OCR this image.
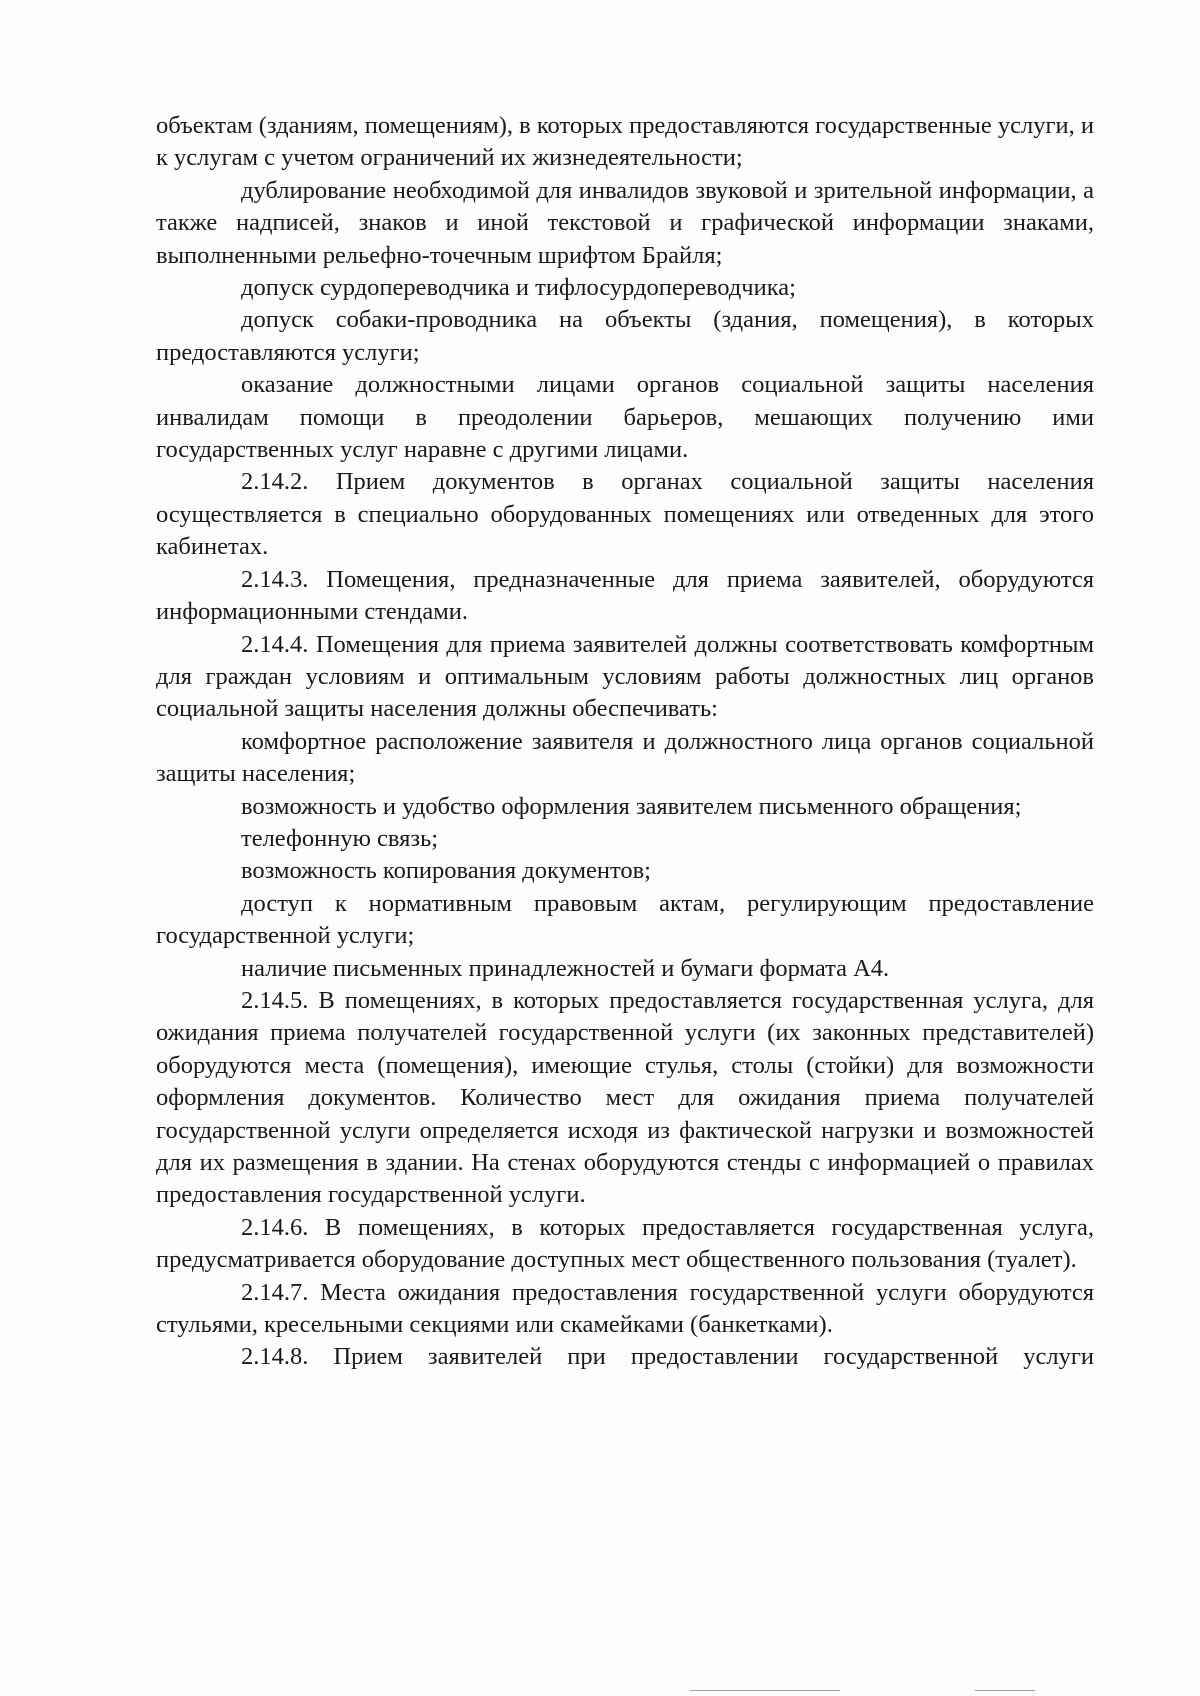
объектам (зданиям, помещениям), в которых предоставляются государственные услуги, и к услугам с учетом ограничений их жизнедеятельности;

дублирование необходимой для инвалидов звуковой и зрительной информации, а также надписей, знаков и иной текстовой и графической информации знаками, выполненными рельефно-точечным шрифтом Брайля;

допуск сурдопереводчика и тифлосурдопереводчика;

допуск собаки-проводника на объекты (здания, помещения), в которых предоставляются услуги;

оказание должностными лицами органов социальной защиты населения инвалидам помощи в преодолении барьеров, мешающих получению ими государственных услуг наравне с другими лицами.

2.14.2. Прием документов в органах социальной защиты населения осуществляется в специально оборудованных помещениях или отведенных для этого кабинетах.

2.14.3. Помещения, предназначенные для приема заявителей, оборудуются информационными стендами.

2.14.4. Помещения для приема заявителей должны соответствовать комфортным для граждан условиям и оптимальным условиям работы должностных лиц органов социальной защиты населения должны обеспечивать:

комфортное расположение заявителя и должностного лица органов социальной защиты населения;

возможность и удобство оформления заявителем письменного обращения;

телефонную связь;

возможность копирования документов;

доступ к нормативным правовым актам, регулирующим предоставление государственной услуги;

наличие письменных принадлежностей и бумаги формата А4.

2.14.5. В помещениях, в которых предоставляется государственная услуга, для ожидания приема получателей государственной услуги (их законных представителей) оборудуются места (помещения), имеющие стулья, столы (стойки) для возможности оформления документов. Количество мест для ожидания приема получателей государственной услуги определяется исходя из фактической нагрузки и возможностей для их размещения в здании. На стенах оборудуются стенды с информацией о правилах предоставления государственной услуги.

2.14.6. В помещениях, в которых предоставляется государственная услуга, предусматривается оборудование доступных мест общественного пользования (туалет).

2.14.7. Места ожидания предоставления государственной услуги оборудуются стульями, кресельными секциями или скамейками (банкетками).

2.14.8. Прием заявителей при предоставлении государственной услуги
